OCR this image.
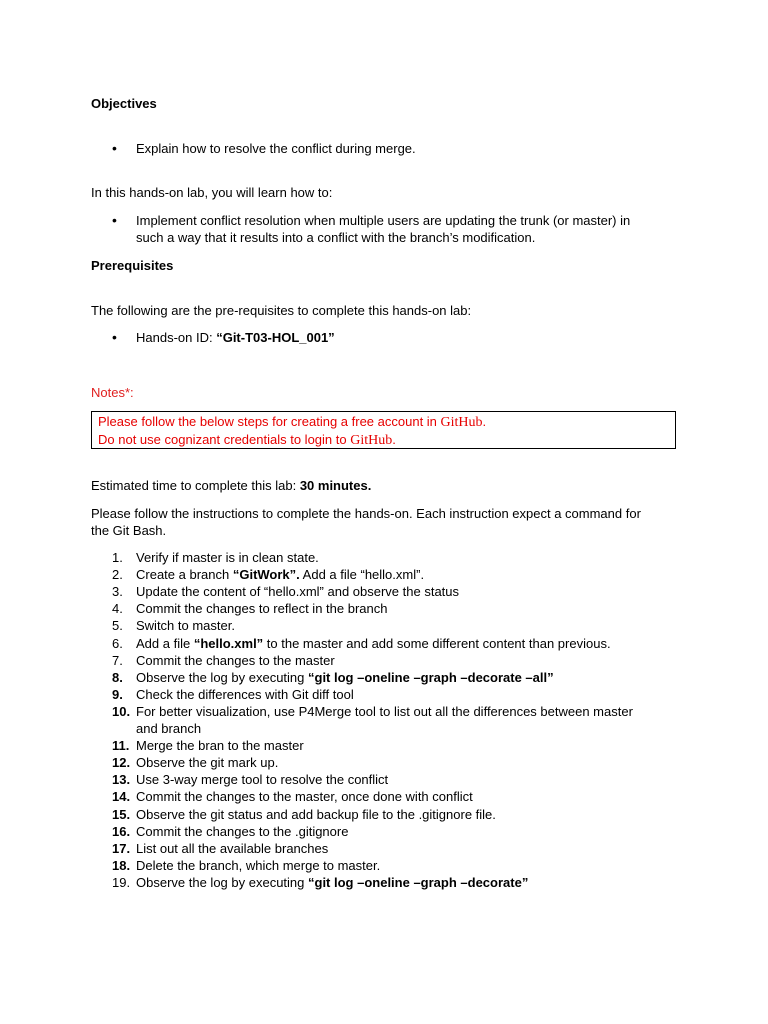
Objectives
• Explain how to resolve the conflict during merge.
In this hands-on lab, you will learn how to:
• Implement conflict resolution when multiple users are updating the trunk (or master) in
such a way that it results into a conflict with the branch’s modification.
Prerequisites
The following are the pre-requisites to complete this hands-on lab:
• Hands-on ID: “Git-T03-HOL_001”
Notes*:
Please follow the below steps for creating a free account in GitHub.
Do not use cognizant credentials to login to GitHub.
Estimated time to complete this lab: 30 minutes.
Please follow the instructions to complete the hands-on. Each instruction expect a command for
the Git Bash.
1.	Verify if master is in clean state.
2.	Create a branch “GitWork”. Add a file “hello.xml”.
3.	Update the content of “hello.xml” and observe the status
4.	Commit the changes to reflect in the branch
5.	Switch to master.
6.	Add a file “hello.xml” to the master and add some different content than previous.
7.	Commit the changes to the master
8.	Observe the log by executing “git log –oneline –graph –decorate –all”
9.	Check the differences with Git diff tool
10. For better visualization, use P4Merge tool to list out all the differences between master
and branch
11. Merge the bran to the master
12. Observe the git mark up.
13. Use 3-way merge tool to resolve the conflict
14. Commit the changes to the master, once done with conflict
15. Observe the git status and add backup file to the .gitignore file.
16. Commit the changes to the .gitignore
17. List out all the available branches
18. Delete the branch, which merge to master.
19. Observe the log by executing “git log –oneline –graph –decorate”
